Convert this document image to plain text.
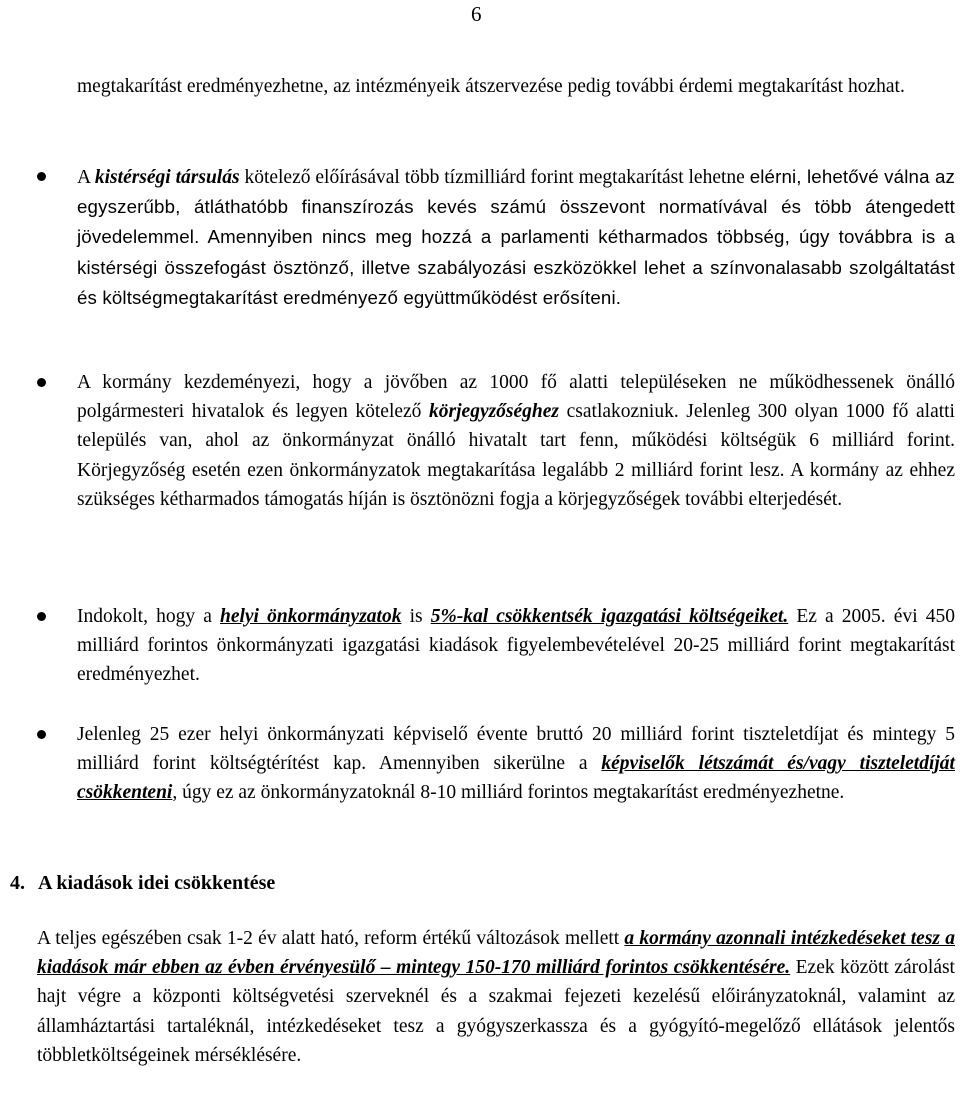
6
megtakarítást eredményezhetne, az intézményeik átszervezése pedig további érdemi megtakarítást hozhat.
A kistérségi társulás kötelező előírásával több tízmilliárd forint megtakarítást lehetne elérni, lehetővé válna az egyszerűbb, átláthatóbb finanszírozás kevés számú összevont normatívával és több átengedett jövedelemmel. Amennyiben nincs meg hozzá a parlamenti kétharmados többség, úgy továbbra is a kistérségi összefogást ösztönző, illetve szabályozási eszközökkel lehet a színvonalasabb szolgáltatást és költségmegtakarítást eredményező együttműködést erősíteni.
A kormány kezdeményezi, hogy a jövőben az 1000 fő alatti településeken ne működhessenek önálló polgármesteri hivatalok és legyen kötelező körjegyzőséghez csatlakozniuk. Jelenleg 300 olyan 1000 fő alatti település van, ahol az önkormányzat önálló hivatalt tart fenn, működési költségük 6 milliárd forint. Körjegyzőség esetén ezen önkormányzatok megtakarítása legalább 2 milliárd forint lesz. A kormány az ehhez szükséges kétharmados támogatás híján is ösztönözni fogja a körjegyzőségek további elterjedését.
Indokolt, hogy a helyi önkormányzatok is 5%-kal csökkentsék igazgatási költségeiket. Ez a 2005. évi 450 milliárd forintos önkormányzati igazgatási kiadások figyelembevételével 20-25 milliárd forint megtakarítást eredményezhet.
Jelenleg 25 ezer helyi önkormányzati képviselő évente bruttó 20 milliárd forint tiszteletdíjat és mintegy 5 milliárd forint költségtérítést kap. Amennyiben sikerülne a képviselők létszámát és/vagy tiszteletdíját csökkenteni, úgy ez az önkormányzatoknál 8-10 milliárd forintos megtakarítást eredményezhetne.
4. A kiadások idei csökkentése
A teljes egészében csak 1-2 év alatt ható, reform értékű változások mellett a kormány azonnali intézkedéseket tesz a kiadások már ebben az évben érvényesülő – mintegy 150-170 milliárd forintos csökkentésére. Ezek között zárolást hajt végre a központi költségvetési szerveknél és a szakmai fejezeti kezelésű előirányzatoknál, valamint az államháztartási tartaléknál, intézkedéseket tesz a gyógyszerkassza és a gyógyító-megelőző ellátások jelentős többletköltségeinek mérséklésére.
